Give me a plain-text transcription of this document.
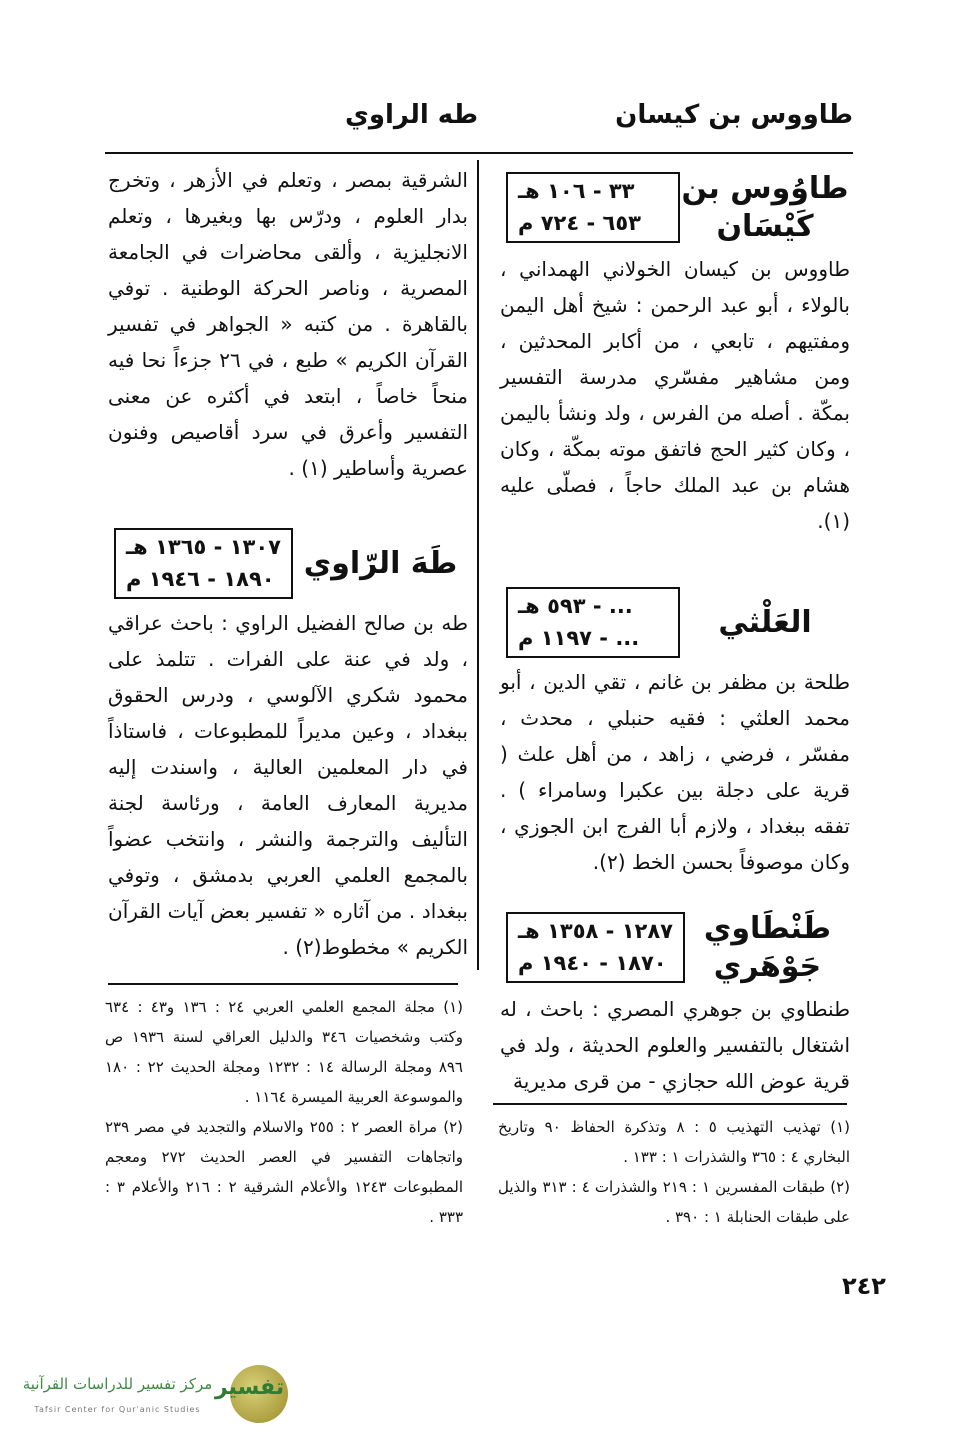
طاووس بن كيسان
طه الراوي
طاوُوس بن كَيْسَان
٣٣ - ١٠٦ هـ
٦٥٣ - ٧٢٤ م
طاووس بن كيسان الخولاني الهمداني ، بالولاء ، أبو عبد الرحمن : شيخ أهل اليمن ومفتيهم ، تابعي ، من أكابر المحدثين ، ومن مشاهير مفسّري مدرسة التفسير بمكّة . أصله من الفرس ، ولد ونشأ باليمن ، وكان كثير الحج فاتفق موته بمكّة ، وكان هشام بن عبد الملك حاجاً ، فصلّى عليه (١).
العَلْثي
... - ٥٩٣ هـ
... - ١١٩٧ م
طلحة بن مظفر بن غانم ، تقي الدين ، أبو محمد العلثي : فقيه حنبلي ، محدث ، مفسّر ، فرضي ، زاهد ، من أهل علث ( قرية على دجلة بين عكبرا وسامراء ) . تفقه ببغداد ، ولازم أبا الفرج ابن الجوزي ، وكان موصوفاً بحسن الخط (٢).
طَنْطَاوي جَوْهَري
١٢٨٧ - ١٣٥٨ هـ
١٨٧٠ - ١٩٤٠ م
طنطاوي بن جوهري المصري : باحث ، له اشتغال بالتفسير والعلوم الحديثة ، ولد في قرية عوض الله حجازي - من قرى مديرية
الشرقية بمصر ، وتعلم في الأزهر ، وتخرج بدار العلوم ، ودرّس بها وبغيرها ، وتعلم الانجليزية ، وألقى محاضرات في الجامعة المصرية ، وناصر الحركة الوطنية . توفي بالقاهرة . من كتبه « الجواهر في تفسير القرآن الكريم » طبع ، في ٢٦ جزءاً نحا فيه منحاً خاصاً ، ابتعد في أكثره عن معنى التفسير وأعرق في سرد أقاصيص وفنون عصرية وأساطير (١) .
طَهَ الرّاوي
١٣٠٧ - ١٣٦٥ هـ
١٨٩٠ - ١٩٤٦ م
طه بن صالح الفضيل الراوي : باحث عراقي ، ولد في عنة على الفرات . تتلمذ على محمود شكري الآلوسي ، ودرس الحقوق ببغداد ، وعين مديراً للمطبوعات ، فاستاذاً في دار المعلمين العالية ، واسندت إليه مديرية المعارف العامة ، ورئاسة لجنة التأليف والترجمة والنشر ، وانتخب عضواً بالمجمع العلمي العربي بدمشق ، وتوفي ببغداد . من آثاره « تفسير بعض آيات القرآن الكريم » مخطوط(٢) .
(١) تهذيب التهذيب ٥ : ٨ وتذكرة الحفاظ ٩٠ وتاريخ البخاري ٤ : ٣٦٥ والشذرات ١ : ١٣٣ .
(٢) طبقات المفسرين ١ : ٢١٩ والشذرات ٤ : ٣١٣ والذيل على طبقات الحنابلة ١ : ٣٩٠ .
(١) مجلة المجمع العلمي العربي ٢٤ : ١٣٦ و٤٣ : ٦٣٤ وكتب وشخصيات ٣٤٦ والدليل العراقي لسنة ١٩٣٦ ص ٨٩٦ ومجلة الرسالة ١٤ : ١٢٣٢ ومجلة الحديث ٢٢ : ١٨٠ والموسوعة العربية الميسرة ١١٦٤ .
(٢) مراة العصر ٢ : ٢٥٥ والاسلام والتجديد في مصر ٢٣٩ واتجاهات التفسير في العصر الحديث ٢٧٢ ومعجم المطبوعات ١٢٤٣ والأعلام الشرقية ٢ : ٢١٦ والأعلام ٣ : ٣٣٣ .
٢٤٢
تفسير
مركز تفسير للدراسات القرآنية
Tafsir Center for Qur'anic Studies
